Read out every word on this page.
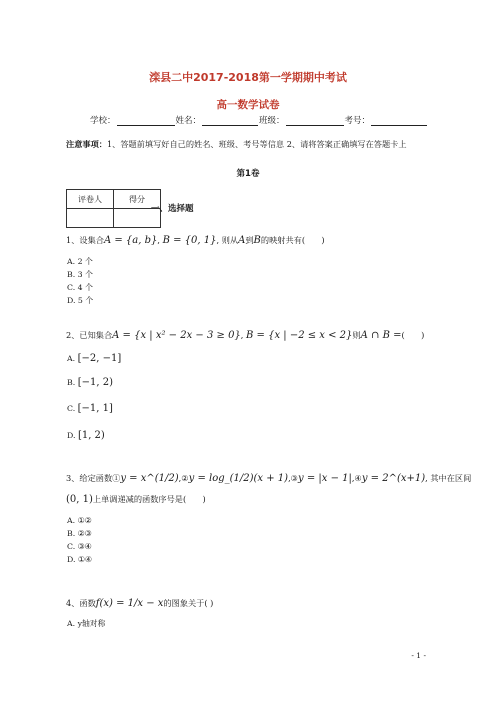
滦县二中2017-2018第一学期期中考试
高一数学试卷
学校：	姓名：	班级：	考号：
注意事项：1、答题前填写好自己的姓名、班级、考号等信息 2、请将答案正确填写在答题卡上
第1卷
评卷人	得分

一、选择题
1、设集合A = {a, b}, B = {0, 1}, 则从A到B的映射共有(　　)
A. 2 个
B. 3 个
C. 4 个
D. 5 个
2、已知集合A = {x | x² − 2x − 3 ≥ 0}, B = {x | −2 ≤ x < 2}则A ∩ B =(　　)
A. [−2, −1]
B. [−1, 2)
C. [−1, 1]
D. [1, 2)
3、给定函数①y = x^(1/2),②y = log_(1/2)(x + 1),③y = |x − 1|,④y = 2^(x+1), 其中在区间
(0, 1)上单调递减的函数序号是(　　)
A. ①②
B. ②③
C. ③④
D. ①④
4、函数f(x) = 1/x − x的图象关于( )
A. y轴对称
- 1 -
